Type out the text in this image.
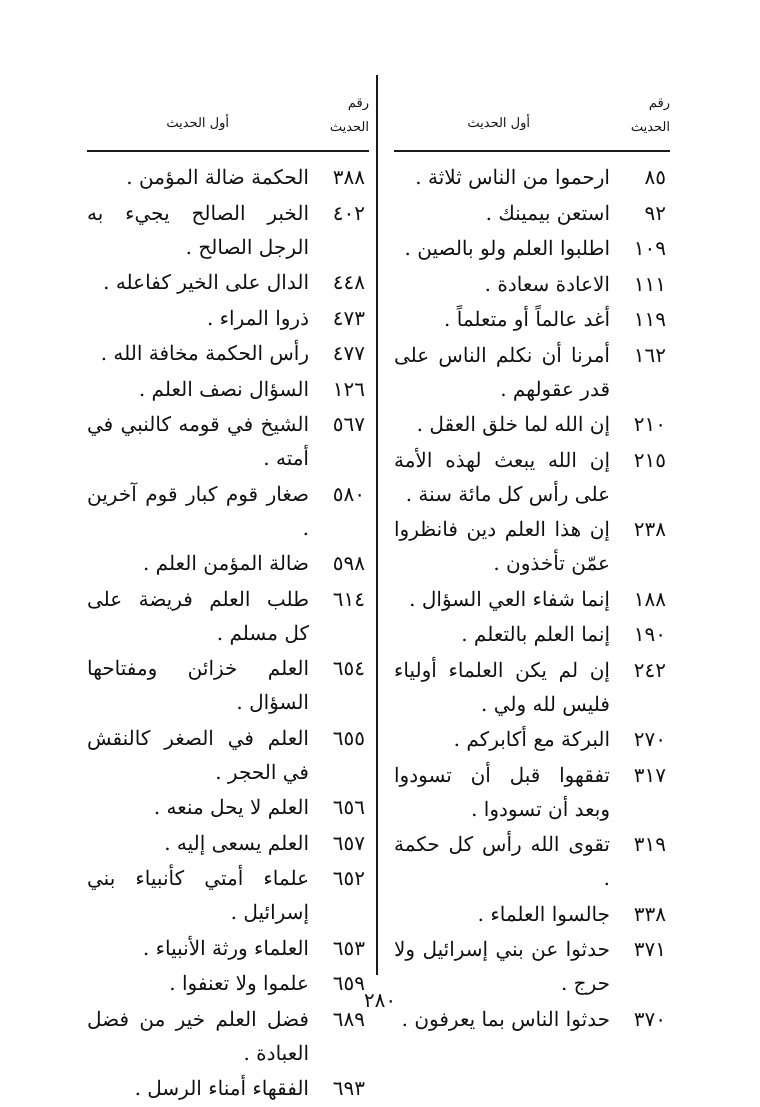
رقم
الحديث
أول الحديث
٨٥
ارحموا من الناس ثلاثة .
٩٢
استعن بيمينك .
١٠٩
اطلبوا العلم ولو بالصين .
١١١
الاعادة سعادة .
١١٩
أغد عالماً أو متعلماً .
١٦٢
أمرنا أن نكلم الناس على قدر عقولهم .
٢١٠
إن الله لما خلق العقل .
٢١٥
إن الله يبعث لهذه الأمة على رأس كل مائة سنة .
٢٣٨
إن هذا العلم دين فانظروا عمّن تأخذون .
١٨٨
إنما شفاء العي السؤال .
١٩٠
إنما العلم بالتعلم .
٢٤٢
إن لم يكن العلماء أولياء فليس لله ولي .
٢٧٠
البركة مع أكابركم .
٣١٧
تفقهوا قبل أن تسودوا وبعد أن تسودوا .
٣١٩
تقوى الله رأس كل حكمة .
٣٣٨
جالسوا العلماء .
٣٧١
حدثوا عن بني إسرائيل ولا حرج .
٣٧٠
حدثوا الناس بما يعرفون .
رقم
الحديث
أول الحديث
٣٨٨
الحكمة ضالة المؤمن .
٤٠٢
الخبر الصالح يجيء به الرجل الصالح .
٤٤٨
الدال على الخير كفاعله .
٤٧٣
ذروا المراء .
٤٧٧
رأس الحكمة مخافة الله .
١٢٦
السؤال نصف العلم .
٥٦٧
الشيخ في قومه كالنبي في أمته .
٥٨٠
صغار قوم كبار قوم آخرين .
٥٩٨
ضالة المؤمن العلم .
٦١٤
طلب العلم فريضة على كل مسلم .
٦٥٤
العلم خزائن ومفتاحها السؤال .
٦٥٥
العلم في الصغر كالنقش في الحجر .
٦٥٦
العلم لا يحل منعه .
٦٥٧
العلم يسعى إليه .
٦٥٢
علماء أمتي كأنبياء بني إسرائيل .
٦٥٣
العلماء ورثة الأنبياء .
٦٥٩
علموا ولا تعنفوا .
٦٨٩
فضل العلم خير من فضل العبادة .
٦٩٣
الفقهاء أمناء الرسل .
٢٨٠
